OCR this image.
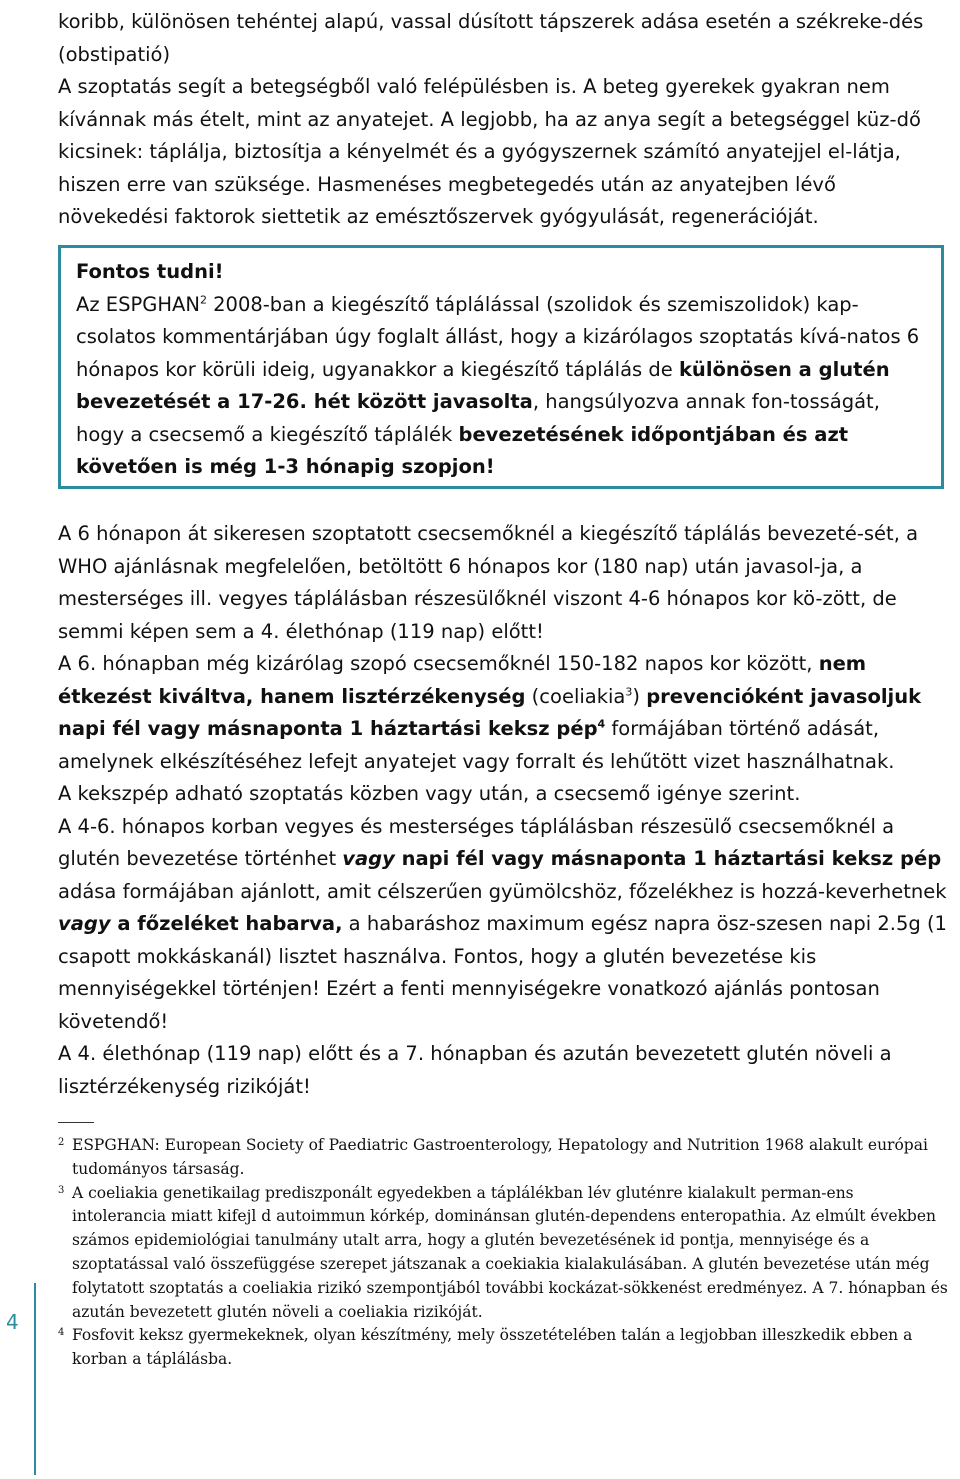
koribb, különösen tehéntej alapú, vassal dúsított tápszerek adása esetén a székreke-dés (obstipatió)

A szoptatás segít a betegségből való felépülésben is. A beteg gyerekek gyakran nem kívánnak más ételt, mint az anyatejet. A legjobb, ha az anya segít a betegséggel küz-dő kicsinek: táplálja, biztosítja a kényelmét és a gyógyszernek számító anyatejjel el-látja, hiszen erre van szüksége. Hasmenéses megbetegedés után az anyatejben lévő növekedési faktorok siettetik az emésztőszervek gyógyulását, regenerációját.

Fontos tudni!

Az ESPGHAN$^2$ 2008-ban a kiegészítő táplálással (szolidok és szemiszolidok) kap-csolatos kommentárjában úgy foglalt állást, hogy a kizárólagos szoptatás kívá-natos 6 hónapos kor körüli ideig, ugyanakkor a kiegészítő táplálás de különösen a glutén bevezetését a 17-26. hét között javasolta, hangsúlyozva annak fon-tosságát, hogy a csecsemő a kiegészítő táplálék bevezetésének időpontjában és azt követően is még 1-3 hónapig szopjon!

A 6 hónapon át sikeresen szoptatott csecsemőknél a kiegészítő táplálás bevezeté-sét, a WHO ajánlásnak megfelelően, betöltött 6 hónapos kor (180 nap) után javasol-ja, a mesterséges ill. vegyes táplálásban részesülőknél viszont 4-6 hónapos kor kö-zött, de semmi képen sem a 4. élethónap (119 nap) előtt!

A 6. hónapban még kizárólag szopó csecsemőknél 150-182 napos kor között, nem étkezést kiváltva, hanem lisztérzékenység (coeliakia$^3$) prevencióként javasoljuk napi fél vagy másnaponta 1 háztartási keksz pép$^4$ formájában történő adását, amelynek elkészítéséhez lefejt anyatejet vagy forralt és lehűtött vizet használhatnak.

A kekszpép adható szoptatás közben vagy után, a csecsemő igénye szerint.

A 4-6. hónapos korban vegyes és mesterséges táplálásban részesülő csecsemőknél a glutén bevezetése történhet vagy napi fél vagy másnaponta 1 háztartási keksz pép adása formájában ajánlott, amit célszerűen gyümölcshöz, főzelékhez is hozzá-keverhetnek vagy a főzeléket habarva, a habaráshoz maximum egész napra ösz-szesen napi 2.5g (1 csapott mokkáskanál) lisztet használva. Fontos, hogy a glutén bevezetése kis mennyiségekkel történjen! Ezért a fenti mennyiségekre vonatkozó ajánlás pontosan követendő!

A 4. élethónap (119 nap) előtt és a 7. hónapban és azután bevezetett glutén növeli a lisztérzékenység rizikóját!

2 ESPGHAN: European Society of Paediatric Gastroenterology, Hepatology and Nutrition 1968 alakult európai tudományos társaság.
3 A coeliakia genetikailag prediszponált egyedekben a táplálékban lév gluténre kialakult perman-ens intolerancia miatt kifejl d autoimmun kórkép, dominánsan glutén-dependens enteropathia. Az elmúlt években számos epidemiológiai tanulmány utalt arra, hogy a glutén bevezetésének id pontja, mennyisége és a szoptatással való összefüggése szerepet játszanak a coekiakia kialakulásában. A glutén bevezetése után még folytatott szoptatás a coeliakia rizikó szempontjából további kockázat-sökkenést eredményez. A 7. hónapban és azután bevezetett glutén növeli a coeliakia rizikóját.
4 Fosfovit keksz gyermekeknek, olyan készítmény, mely összetételében talán a legjobban illeszkedik ebben a korban a táplálásba.
4
